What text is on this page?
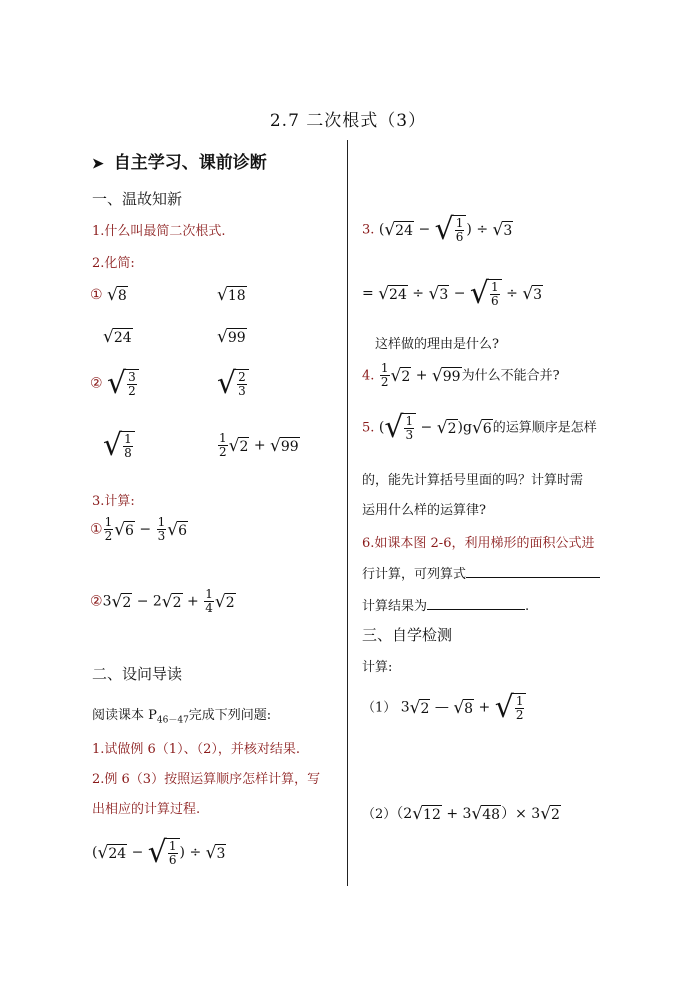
2.7 二次根式（3）
➤ 自主学习、课前诊断
一、温故知新
1.什么叫最简二次根式.
2.化简:
① √8	√18
√24	√99
② √ $\frac{3}{2}$	√ $\frac{2}{3}$
√ $\frac{1}{8}$	$\frac{1}{2} √2 + √99$
3.计算:
① $\frac{1}{2} √6 - \frac{1}{3} √6$
②3√2 − $2√2 + \frac{1}{4} √2$
二、设问导读
阅读课本 $P_{46-47}$完成下列问题:
1.试做例 6（1）、（2），并核对结果.
2.例 6（3）按照运算顺序怎样计算，写
出相应的计算过程.
(√24 − √ $\frac{1}{6}$ ) ÷ √3
3. (√24 − √ $\frac{1}{6}$ ) ÷ √3
= √24 ÷ √3 − √ $\frac{1}{6} \div √3$
这样做的理由是什么?
4. $\frac{1}{2} √2 + √99$为什么不能合并?
5. (√ $\frac{1}{3} - √2)g√6$的运算顺序是怎样
的，能先计算括号里面的吗？计算时需
运用什么样的运算律?
6.如课本图 2-6，利用梯形的面积公式进
行计算，可列算式
计算结果为	.
三、自学检测
计算:
（1） 3√2 — √8 + √ $\frac{1}{2}$
（2）（2√12 + 3√48）× 3√2
